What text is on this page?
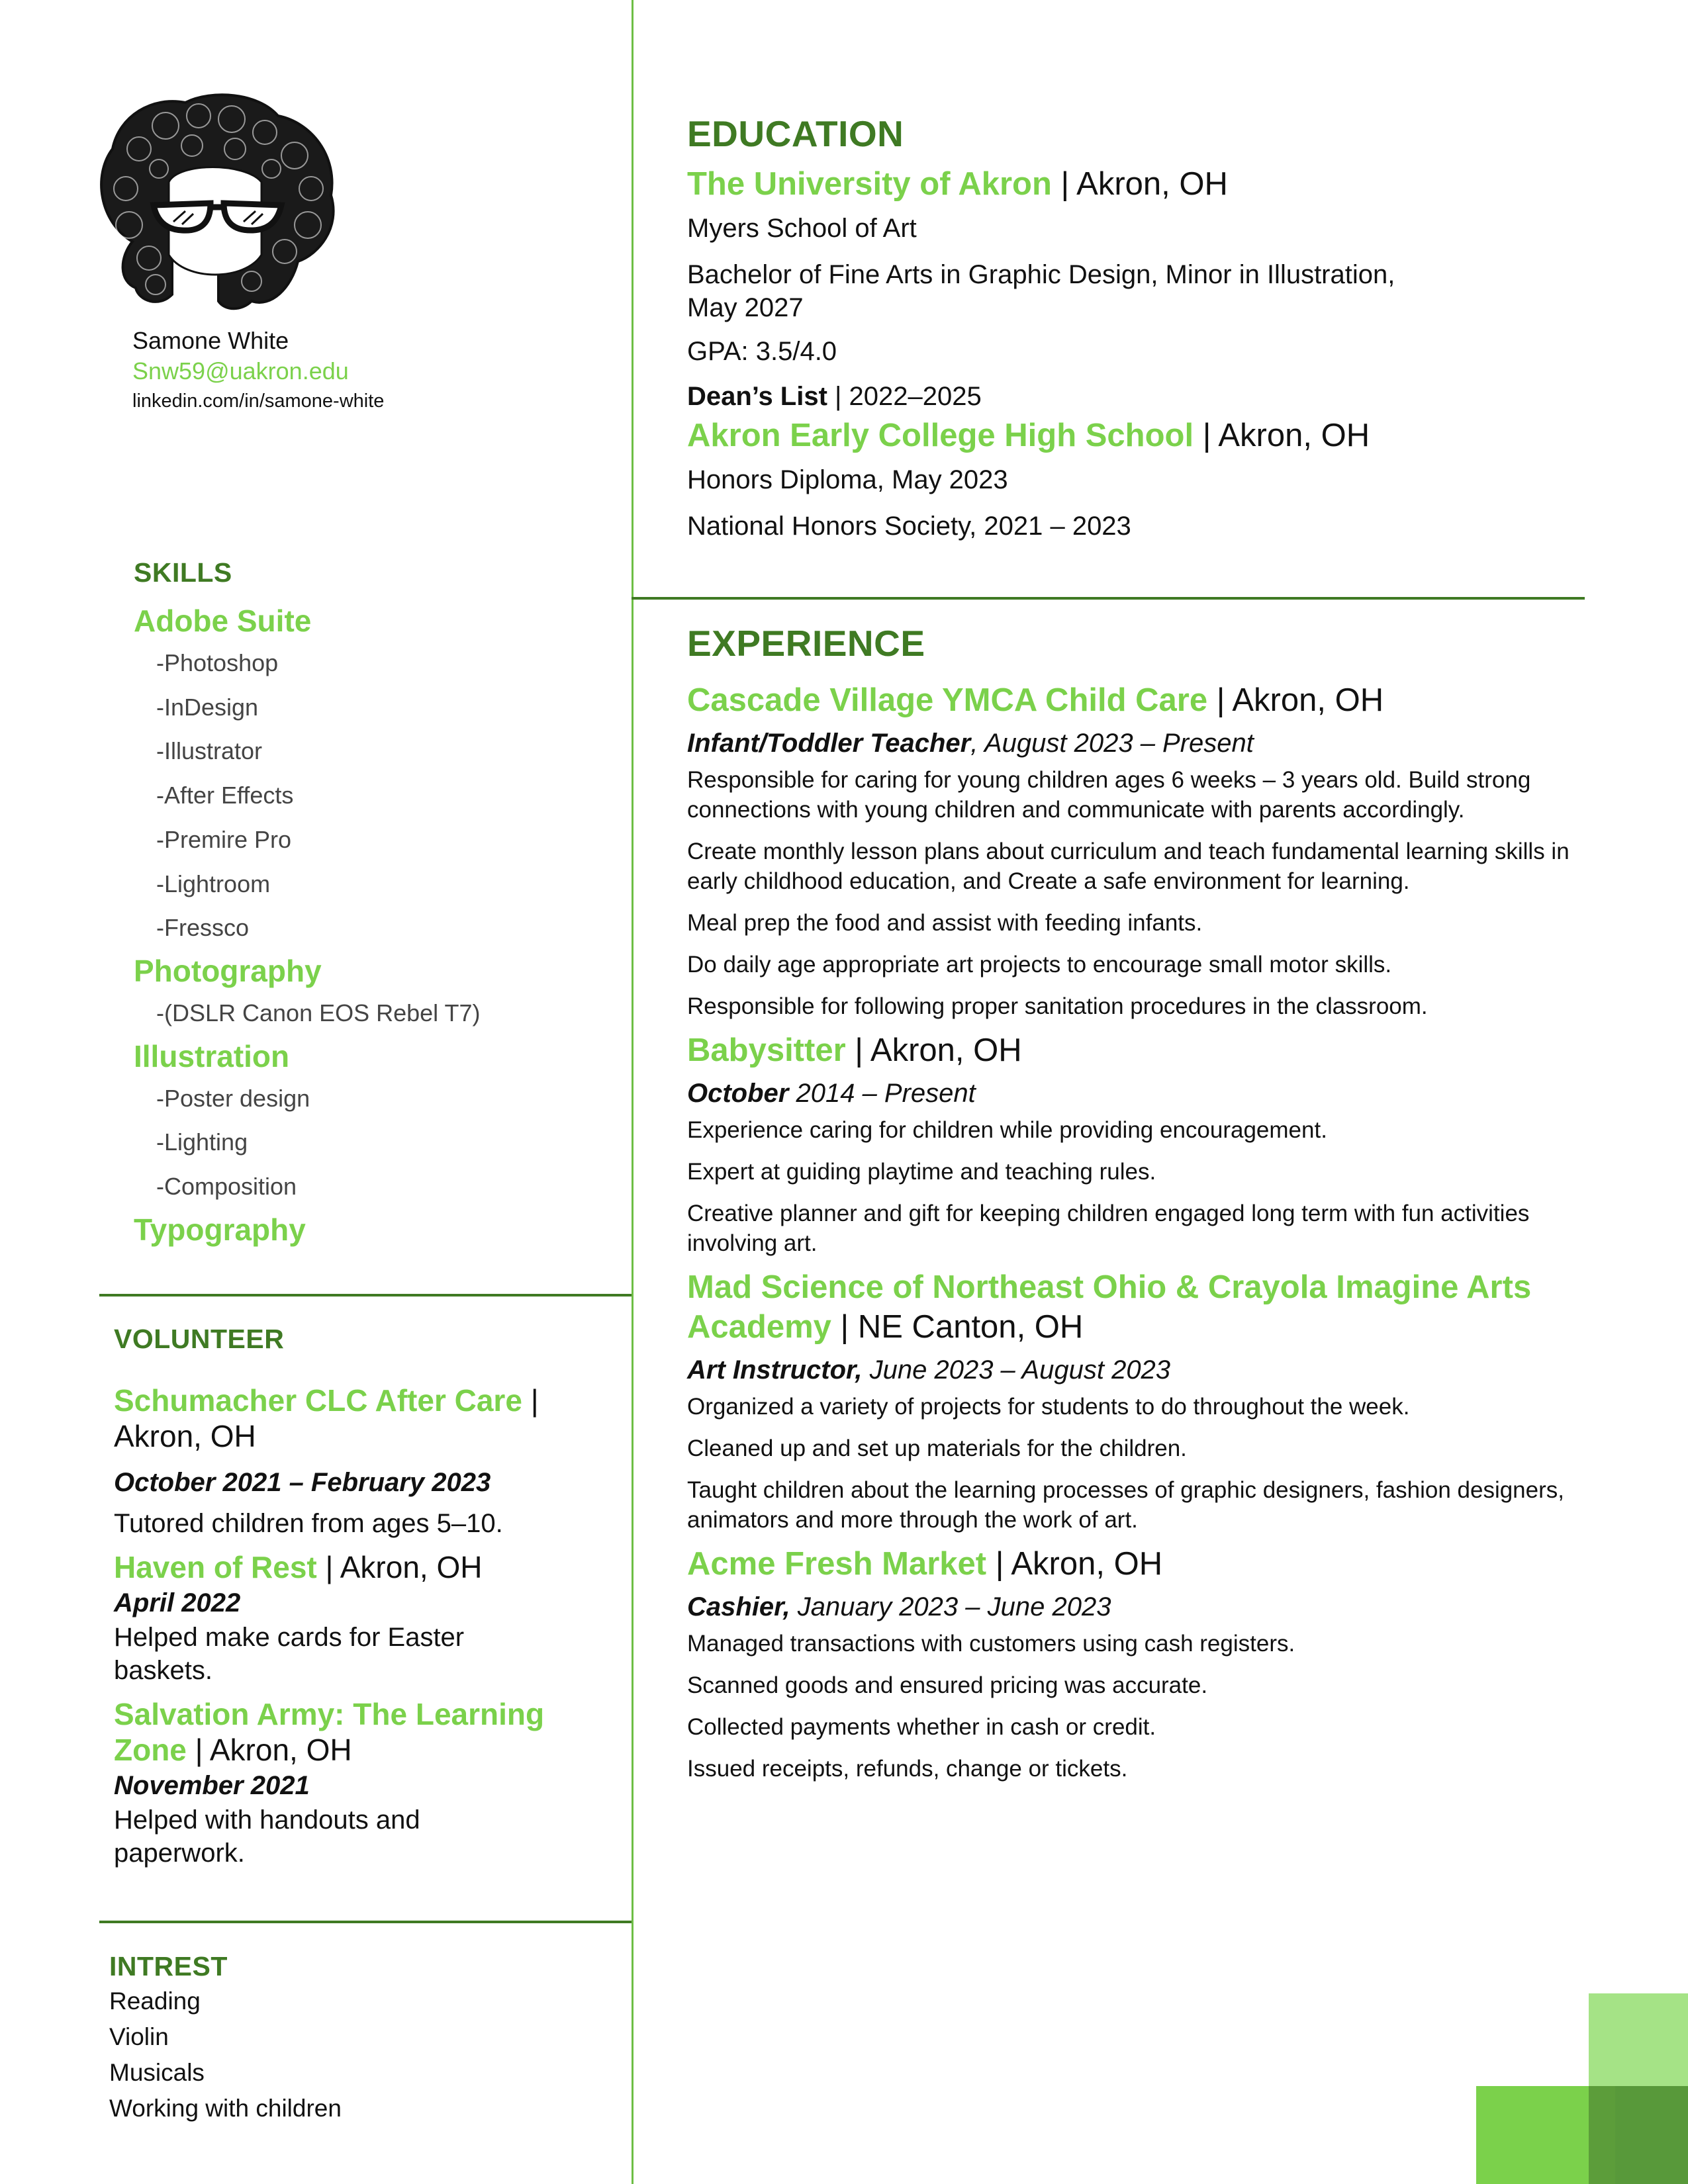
Samone White
Snw59@uakron.edu
linkedin.com/in/samone-white
SKILLS
Adobe Suite
-Photoshop
-InDesign
-Illustrator
-After Effects
-Premire Pro
-Lightroom
-Fressco
Photography
-(DSLR Canon EOS Rebel T7)
Illustration
-Poster design
-Lighting
-Composition
Typography
VOLUNTEER
Schumacher CLC After Care |
Akron, OH
October 2021 – February 2023
Tutored children from ages 5–10.
Haven of Rest | Akron, OH
April 2022
Helped make cards for Easter baskets.
Salvation Army: The Learning Zone | Akron, OH
November 2021
Helped with handouts and paperwork.
INTREST
Reading
Violin
Musicals
Working with children
EDUCATION
The University of Akron | Akron, OH
Myers School of Art
Bachelor of Fine Arts in Graphic Design, Minor in Illustration, May 2027
GPA: 3.5/4.0
Dean’s List | 2022–2025
Akron Early College High School | Akron, OH
Honors Diploma, May 2023
National Honors Society, 2021 – 2023
EXPERIENCE
Cascade Village YMCA Child Care | Akron, OH
Infant/Toddler Teacher, August 2023 – Present
Responsible for caring for young children ages 6 weeks – 3 years old. Build strong connections with young children and communicate with parents accordingly.
Create monthly lesson plans about curriculum and teach fundamental learning skills in early childhood education, and Create a safe environment for learning.
Meal prep the food and assist with feeding infants.
Do daily age appropriate art projects to encourage small motor skills.
Responsible for following proper sanitation procedures in the classroom.
Babysitter | Akron, OH
October 2014 – Present
Experience caring for children while providing encouragement.
Expert at guiding playtime and teaching rules.
Creative planner and gift for keeping children engaged long term with fun activities involving art.
Mad Science of Northeast Ohio & Crayola Imagine Arts Academy | NE Canton, OH
Art Instructor, June 2023 – August 2023
Organized a variety of projects for students to do throughout the week.
Cleaned up and set up materials for the children.
Taught children about the learning processes of graphic designers, fashion designers, animators and more through the work of art.
Acme Fresh Market | Akron, OH
Cashier, January 2023 – June 2023
Managed transactions with customers using cash registers.
Scanned goods and ensured pricing was accurate.
Collected payments whether in cash or credit.
Issued receipts, refunds, change or tickets.
